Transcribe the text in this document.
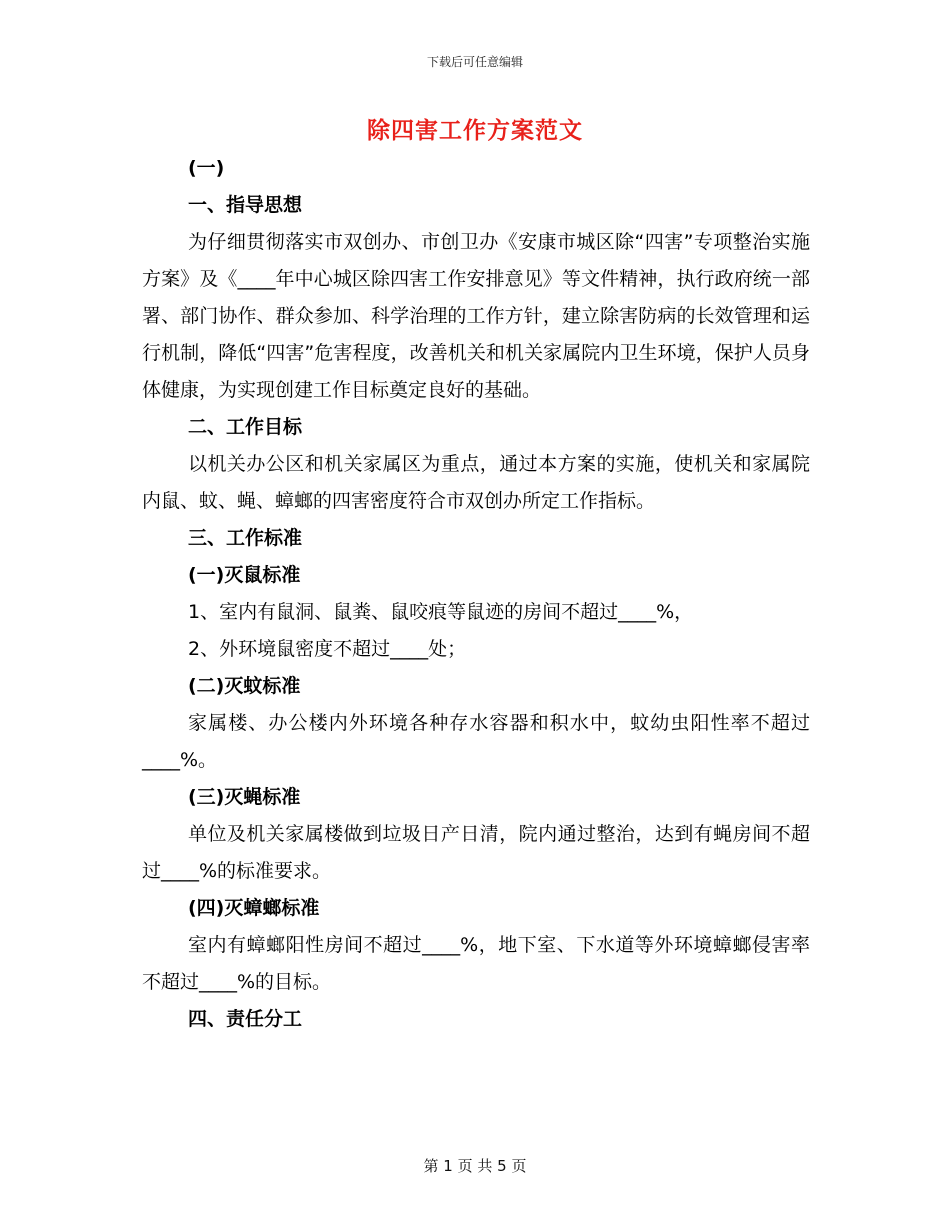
下载后可任意编辑
除四害工作方案范文

(一)

一、指导思想

为仔细贯彻落实市双创办、市创卫办《安康市城区除“四害”专项整治实施方案》及《____年中心城区除四害工作安排意见》等文件精神，执行政府统一部署、部门协作、群众参加、科学治理的工作方针，建立除害防病的长效管理和运行机制，降低“四害”危害程度，改善机关和机关家属院内卫生环境，保护人员身体健康，为实现创建工作目标奠定良好的基础。

二、工作目标

以机关办公区和机关家属区为重点，通过本方案的实施，使机关和家属院内鼠、蚊、蝇、蟑螂的四害密度符合市双创办所定工作指标。

三、工作标准

(一)灭鼠标准

1、室内有鼠洞、鼠粪、鼠咬痕等鼠迹的房间不超过____%，

2、外环境鼠密度不超过____处；

(二)灭蚊标准

家属楼、办公楼内外环境各种存水容器和积水中，蚊幼虫阳性率不超过____%。

(三)灭蝇标准

单位及机关家属楼做到垃圾日产日清，院内通过整治，达到有蝇房间不超过____%的标准要求。

(四)灭蟑螂标准

室内有蟑螂阳性房间不超过____%，地下室、下水道等外环境蟑螂侵害率不超过____%的目标。

四、责任分工

第 1 页 共 5 页
